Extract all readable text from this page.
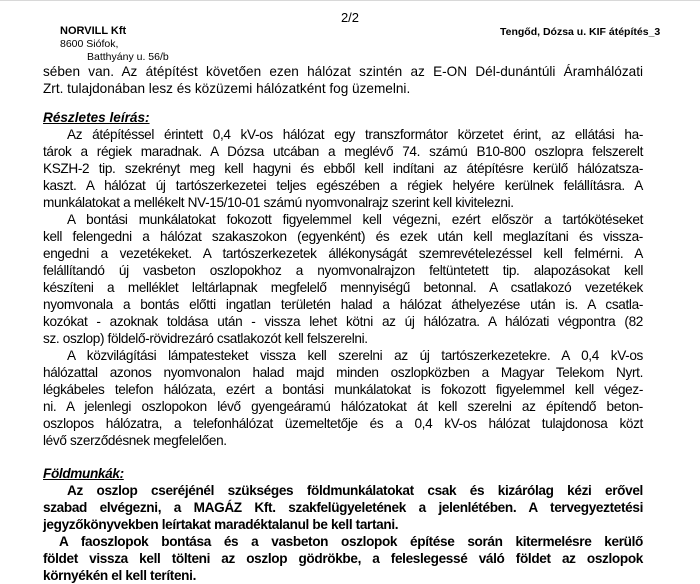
2/2
NORVILL Kft
8600 Siófok,
Batthyány u. 56/b
Tengőd, Dózsa u. KIF átépítés_3
sében van. Az átépítést követően ezen hálózat szintén az E-ON Dél-dunántúli Áramhálózati
Zrt. tulajdonában lesz és közüzemi hálózatként fog üzemelni.
Részletes leírás:
Az átépítéssel érintett 0,4 kV-os hálózat egy transzformátor körzetet érint, az ellátási ha-
tárok a régiek maradnak. A Dózsa utcában a meglévő 74. számú B10-800 oszlopra felszerelt
KSZH-2 tip. szekrényt meg kell hagyni és ebből kell indítani az átépítésre kerülő hálózatsza-
kaszt. A hálózat új tartószerkezetei teljes egészében a régiek helyére kerülnek felállításra. A
munkálatokat a mellékelt NV-15/10-01 számú nyomvonalrajz szerint kell kivitelezni.
A bontási munkálatokat fokozott figyelemmel kell végezni, ezért először a tartókötéseket
kell felengedni a hálózat szakaszokon (egyenként) és ezek után kell meglazítani és vissza-
engedni a vezetékeket. A tartószerkezetek állékonyságát szemrevételezéssel kell felmérni. A
felállítandó új vasbeton oszlopokhoz a nyomvonalrajzon feltüntetett tip. alapozásokat kell
készíteni a melléklet leltárlapnak megfelelő mennyiségű betonnal. A csatlakozó vezetékek
nyomvonala a bontás előtti ingatlan területén halad a hálózat áthelyezése után is. A csatla-
kozókat - azoknak toldása után - vissza lehet kötni az új hálózatra. A hálózati végpontra (82
sz. oszlop) földelő-rövidrezáró csatlakozót kell felszerelni.
A közvilágítási lámpatesteket vissza kell szerelni az új tartószerkezetekre. A 0,4 kV-os
hálózattal azonos nyomvonalon halad majd minden oszlopközben a Magyar Telekom Nyrt.
légkábeles telefon hálózata, ezért a bontási munkálatokat is fokozott figyelemmel kell végez-
ni. A jelenlegi oszlopokon lévő gyengeáramú hálózatokat át kell szerelni az építendő beton-
oszlopos hálózatra, a telefonhálózat üzemeltetője és a 0,4 kV-os hálózat tulajdonosa közt
lévő szerződésnek megfelelően.
Földmunkák:
Az oszlop cseréjénél szükséges földmunkálatokat csak és kizárólag kézi erővel
szabad elvégezni, a MAGÁZ Kft. szakfelügyeletének a jelenlétében. A tervegyeztetési
jegyzőkönyvekben leírtakat maradéktalanul be kell tartani.
A faoszlopok bontása és a vasbeton oszlopok építése során kitermelésre kerülő
földet vissza kell tölteni az oszlop gödrökbe, a feleslegessé váló földet az oszlopok
környékén el kell teríteni.
